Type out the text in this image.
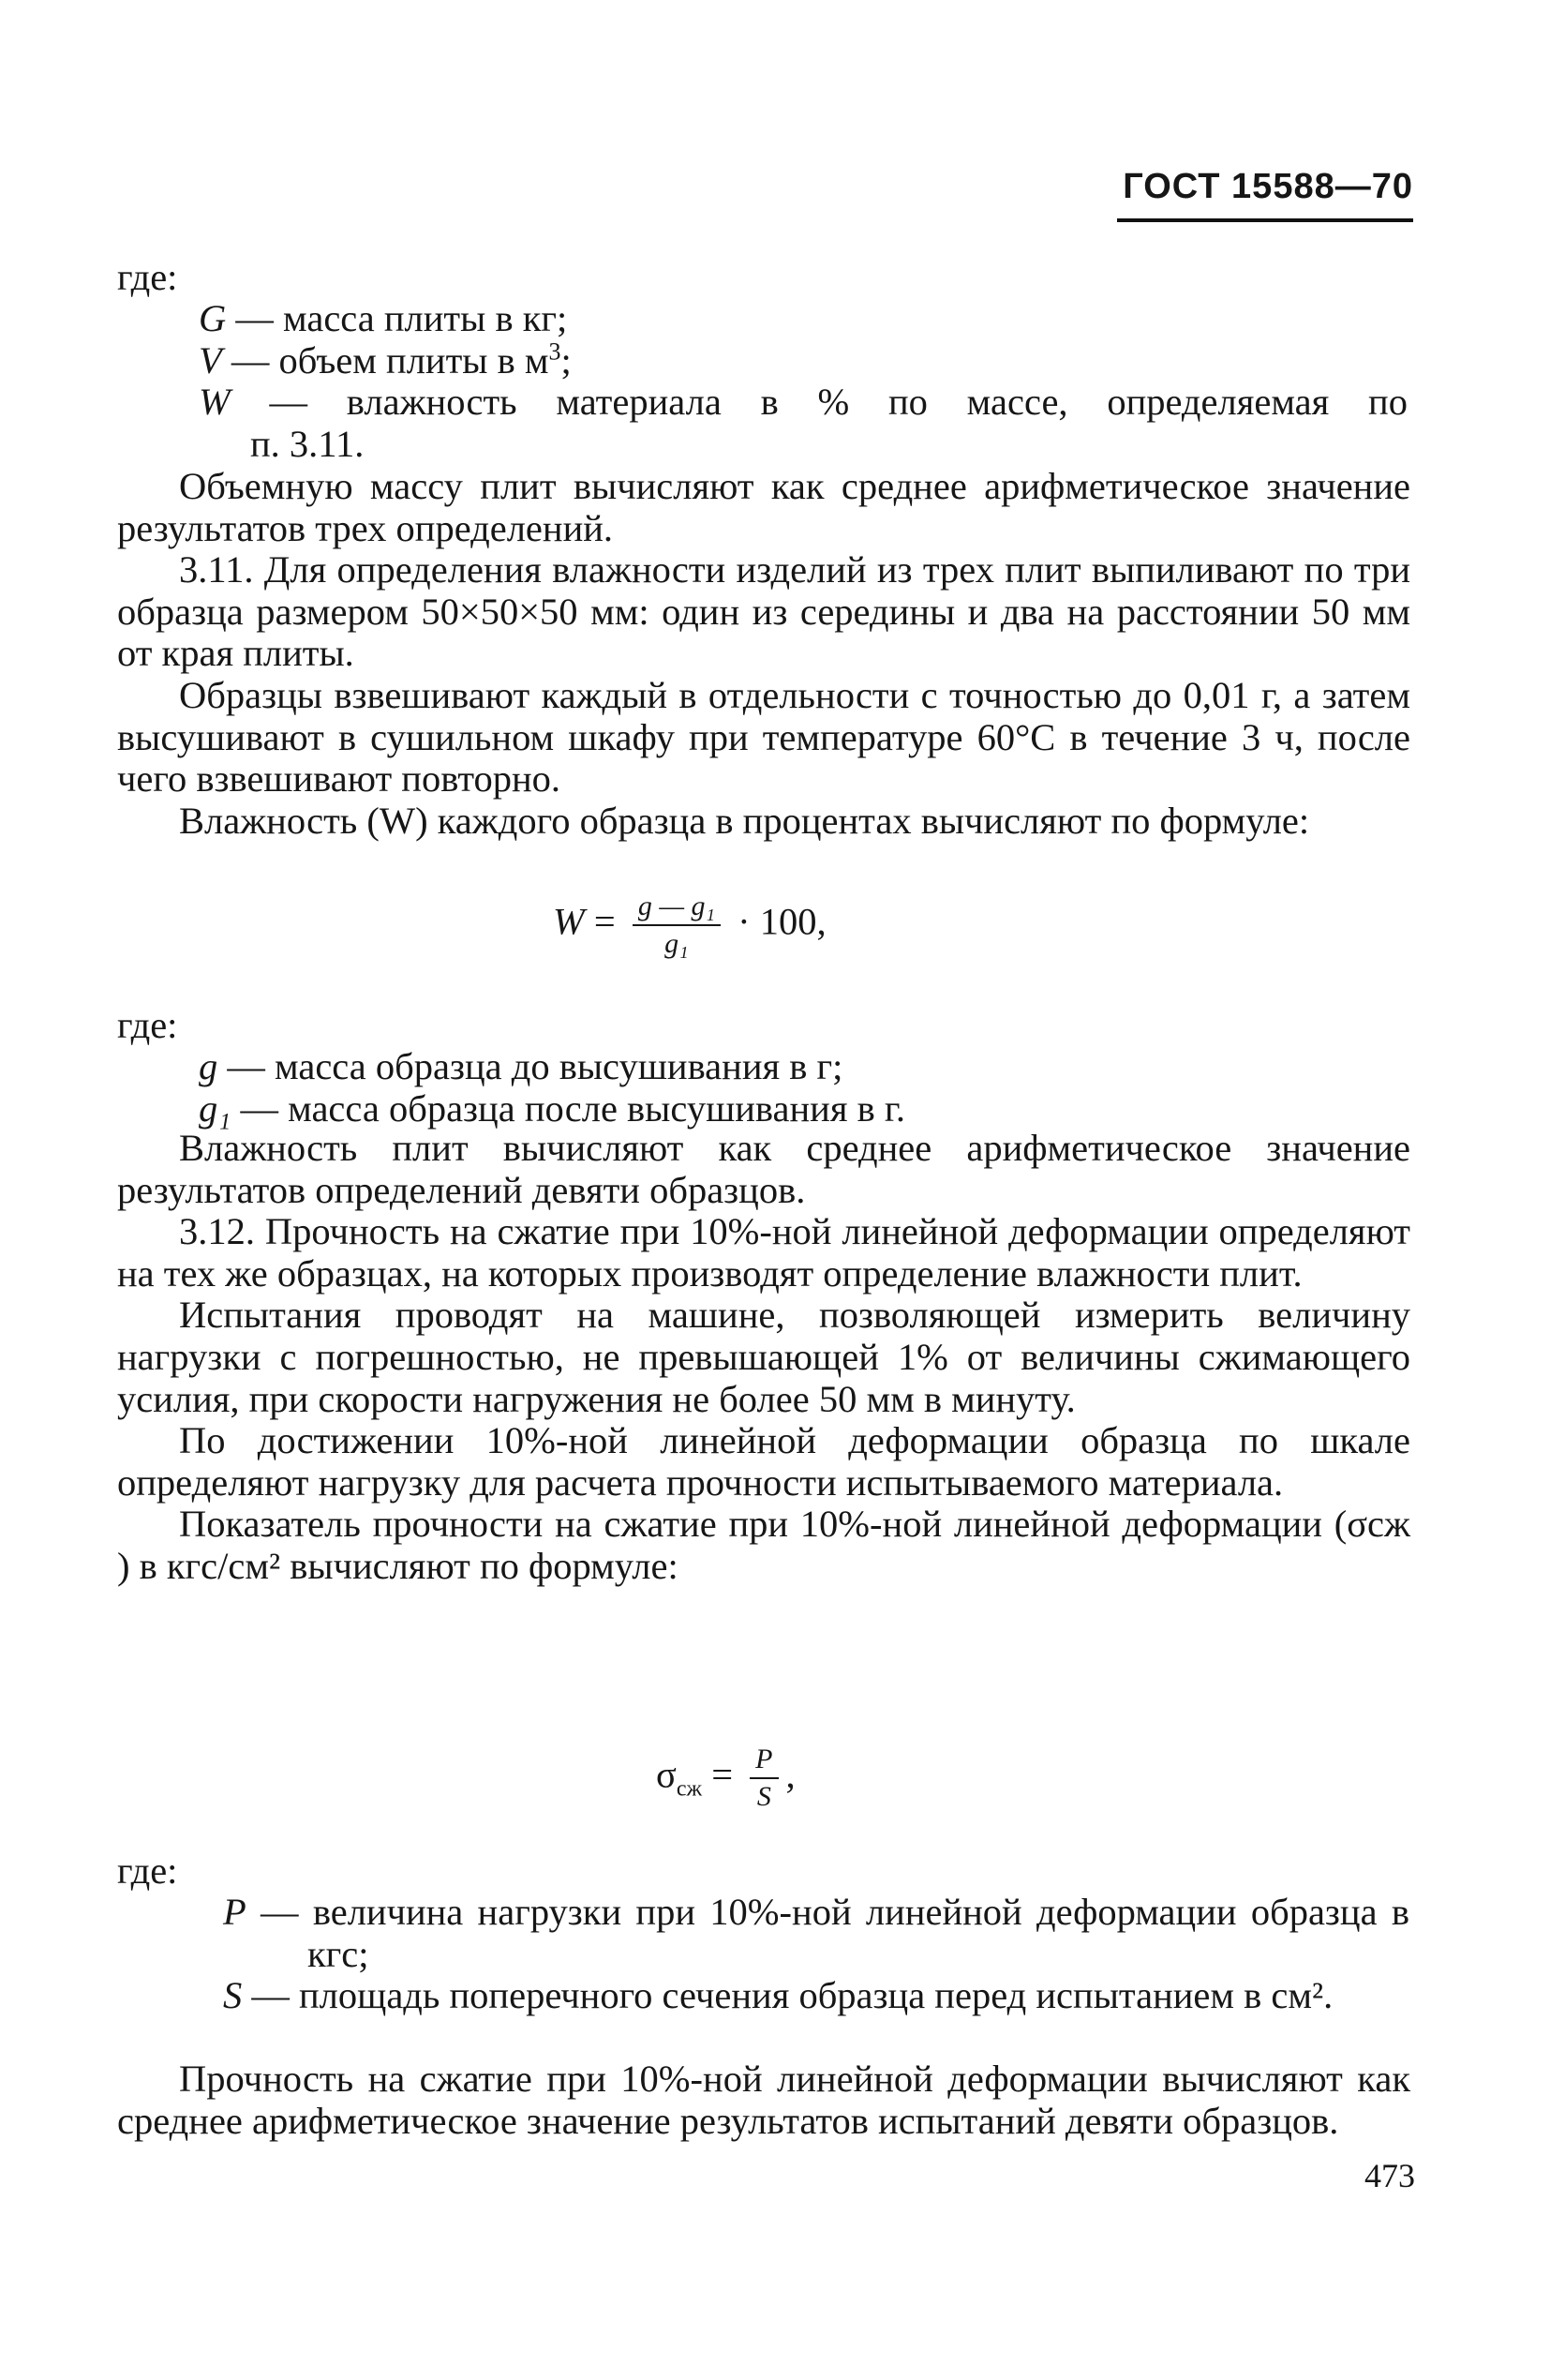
ГОСТ 15588—70
где:

G — масса плиты в кг;

V — объем плиты в $м^3$;

W — влажность материала в % по массе, определяемая по

п. 3.11.

Объемную массу плит вычисляют как среднее арифметическое значение результатов трех определений.

3.11. Для определения влажности изделий из трех плит выпиливают по три образца размером 50×50×50 мм: один из середины и два на расстоянии 50 мм от края плиты.

Образцы взвешивают каждый в отдельности с точностью до 0,01 г, а затем высушивают в сушильном шкафу при температуре 60°С в течение 3 ч, после чего взвешивают повторно.

Влажность (W) каждого образца в процентах вычисляют по формуле:

$W = \frac{\text{g — g₁}}{\text{g₁}} \cdot 100$,
где:

g — масса образца до высушивания в г;

g₁ — масса образца после высушивания в г.

Влажность плит вычисляют как среднее арифметическое значение результатов определений девяти образцов.

3.12. Прочность на сжатие при 10%-ной линейной деформации определяют на тех же образцах, на которых производят определение влажности плит.

Испытания проводят на машине, позволяющей измерить величину нагрузки с погрешностью, не превышающей 1% от величины сжимающего усилия, при скорости нагружения не более 50 мм в минуту.

По достижении 10%-ной линейной деформации образца по шкале определяют нагрузку для расчета прочности испытываемого материала.

Показатель прочности на сжатие при 10%-ной линейной деформации (σсж ) в кгс/см² вычисляют по формуле:

$\sigma_{сж} = \frac{P}{S}$ ,
где:

P — величина нагрузки при 10%-ной линейной деформации образца в кгс;

S — площадь поперечного сечения образца перед испытанием в см².

Прочность на сжатие при 10%-ной линейной деформации вычисляют как среднее арифметическое значение результатов испытаний девяти образцов.

473
